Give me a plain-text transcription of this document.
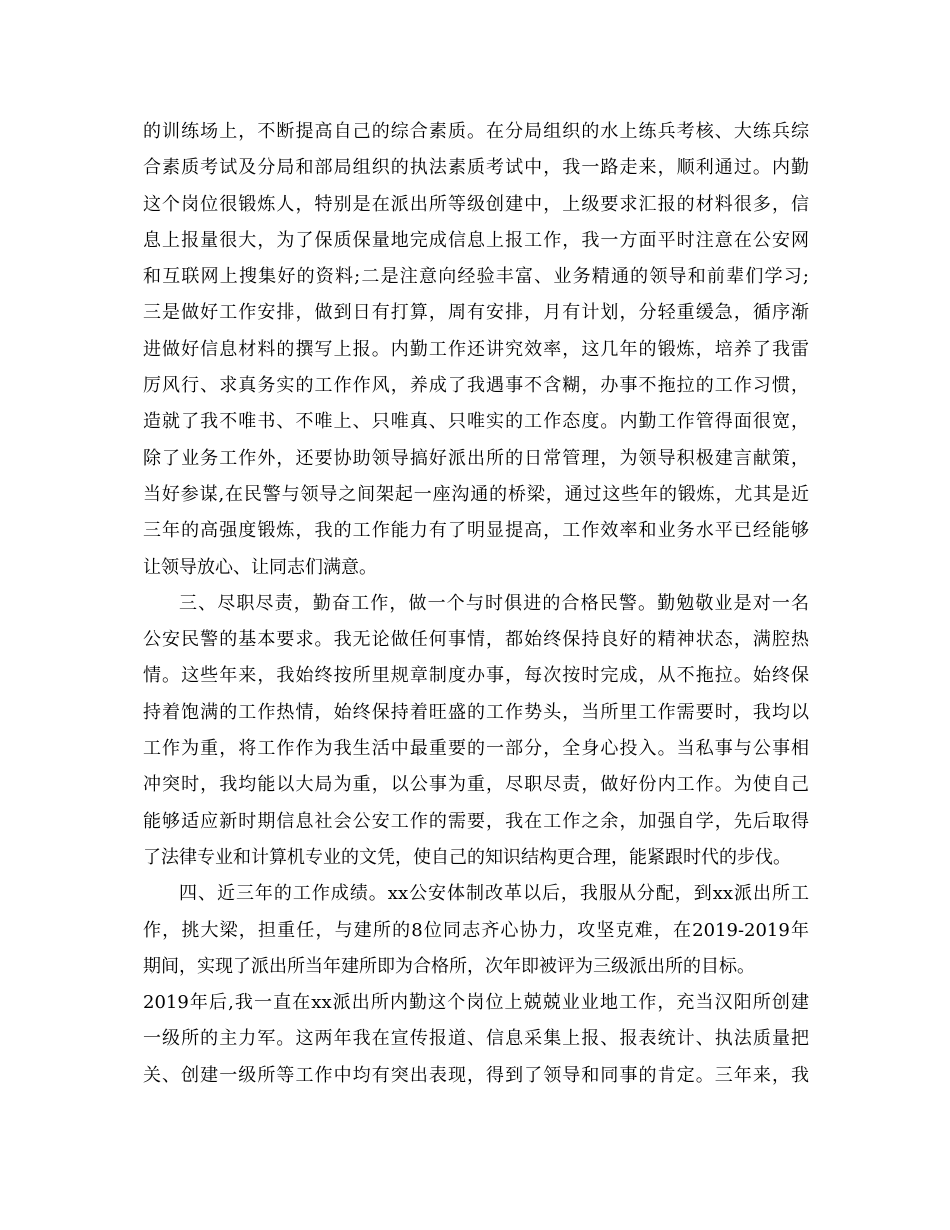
的训练场上，不断提高自己的综合素质。在分局组织的水上练兵考核、大练兵综
合素质考试及分局和部局组织的执法素质考试中，我一路走来，顺利通过。内勤
这个岗位很锻炼人，特别是在派出所等级创建中，上级要求汇报的材料很多，信
息上报量很大，为了保质保量地完成信息上报工作，我一方面平时注意在公安网
和互联网上搜集好的资料;二是注意向经验丰富、业务精通的领导和前辈们学习;
三是做好工作安排，做到日有打算，周有安排，月有计划，分轻重缓急，循序渐
进做好信息材料的撰写上报。内勤工作还讲究效率，这几年的锻炼，培养了我雷
厉风行、求真务实的工作作风，养成了我遇事不含糊，办事不拖拉的工作习惯，
造就了我不唯书、不唯上、只唯真、只唯实的工作态度。内勤工作管得面很宽，
除了业务工作外，还要协助领导搞好派出所的日常管理，为领导积极建言献策，
当好参谋,在民警与领导之间架起一座沟通的桥梁，通过这些年的锻炼，尤其是近
三年的高强度锻炼，我的工作能力有了明显提高，工作效率和业务水平已经能够
让领导放心、让同志们满意。
三、尽职尽责，勤奋工作，做一个与时俱进的合格民警。勤勉敬业是对一名
公安民警的基本要求。我无论做任何事情，都始终保持良好的精神状态，满腔热
情。这些年来，我始终按所里规章制度办事，每次按时完成，从不拖拉。始终保
持着饱满的工作热情，始终保持着旺盛的工作势头，当所里工作需要时，我均以
工作为重，将工作作为我生活中最重要的一部分，全身心投入。当私事与公事相
冲突时，我均能以大局为重，以公事为重，尽职尽责，做好份内工作。为使自己
能够适应新时期信息社会公安工作的需要，我在工作之余，加强自学，先后取得
了法律专业和计算机专业的文凭，使自己的知识结构更合理，能紧跟时代的步伐。
四、近三年的工作成绩。xx公安体制改革以后，我服从分配，到xx派出所工
作，挑大梁，担重任，与建所的8位同志齐心协力，攻坚克难，在2019-2019年
期间，实现了派出所当年建所即为合格所，次年即被评为三级派出所的目标。
2019年后,我一直在xx派出所内勤这个岗位上兢兢业业地工作，充当汉阳所创建
一级所的主力军。这两年我在宣传报道、信息采集上报、报表统计、执法质量把
关、创建一级所等工作中均有突出表现，得到了领导和同事的肯定。三年来，我
